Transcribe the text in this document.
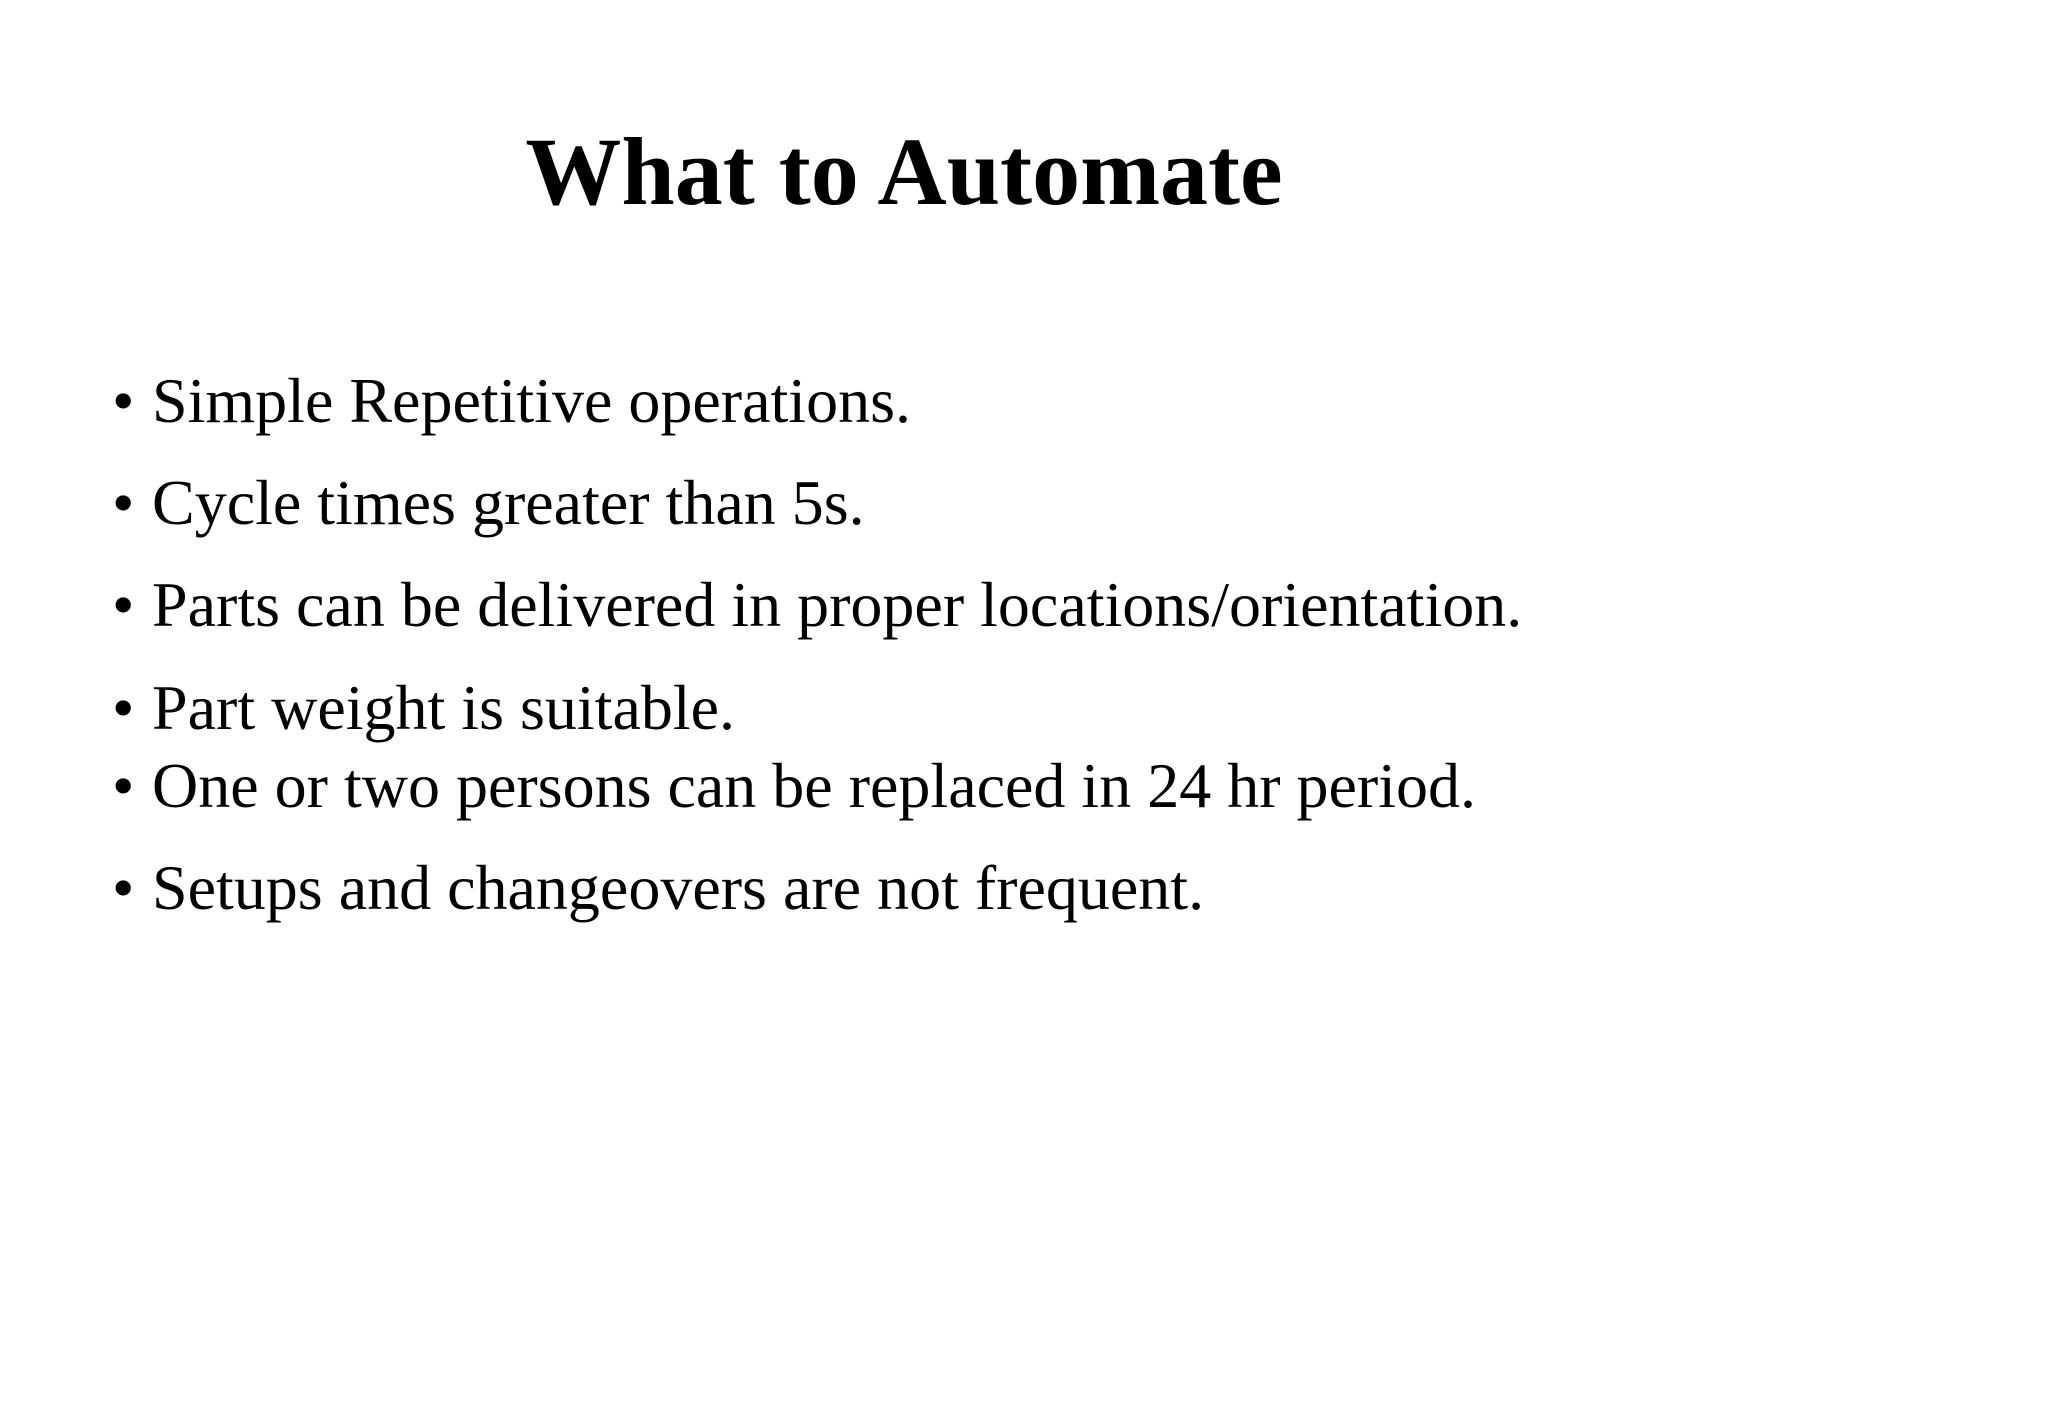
What to Automate
• Simple Repetitive operations.
• Cycle times greater than 5s.
• Parts can be delivered in proper locations/orientation.
• Part weight is suitable.
• One or two persons can be replaced in 24 hr period.
• Setups and changeovers are not frequent.
